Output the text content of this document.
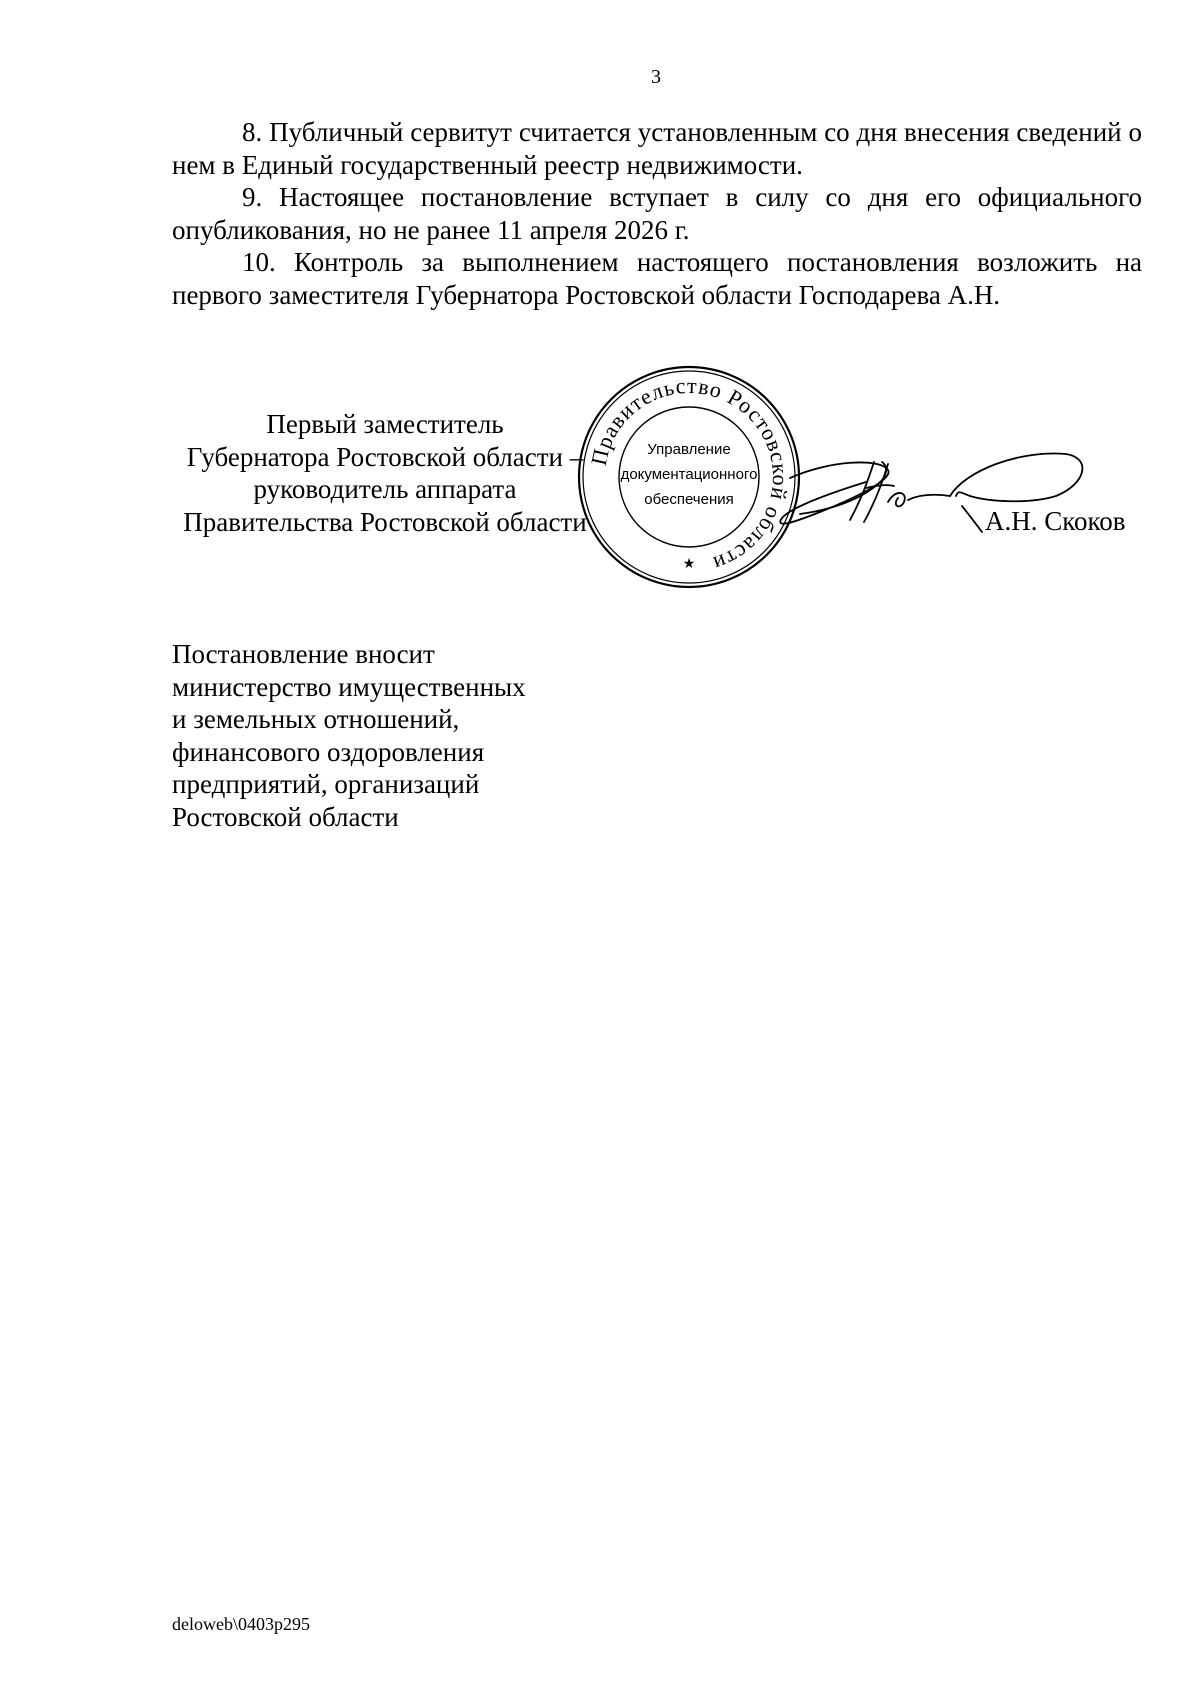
3

8. Публичный сервитут считается установленным со дня внесения сведений о нем в Единый государственный реестр недвижимости.

9. Настоящее постановление вступает в силу со дня его официального опубликования, но не ранее 11 апреля 2026 г.

10. Контроль за выполнением настоящего постановления возложить на первого заместителя Губернатора Ростовской области Господарева А.Н.

Первый заместитель
Губернатора Ростовской области –
руководитель аппарата
Правительства Ростовской области
Правительство Ростовской области
Управление
документационного
обеспечения
★
А.Н. Скоков
Постановление вносит
министерство имущественных
и земельных отношений,
финансового оздоровления
предприятий, организаций
Ростовской области
deloweb\0403p295
